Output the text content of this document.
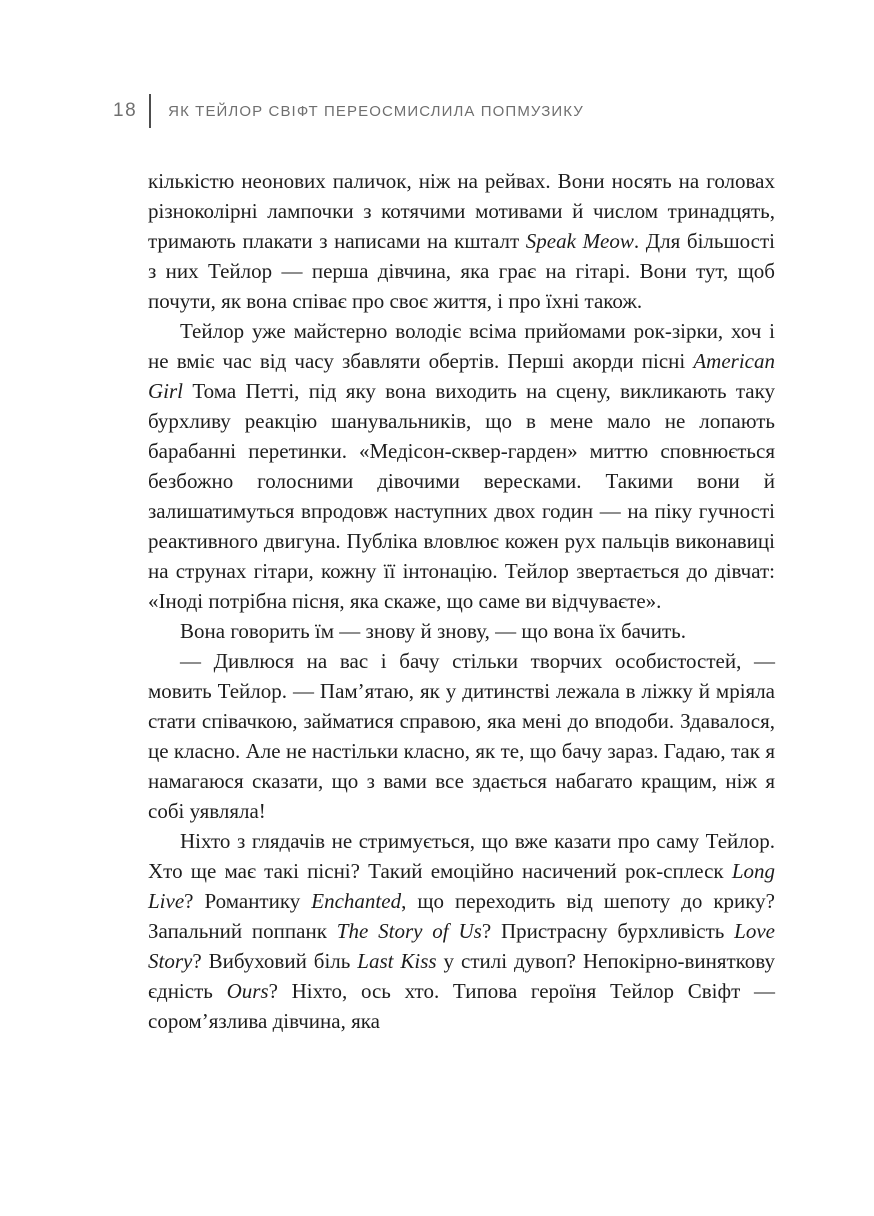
18 ЯК ТЕЙЛОР СВІФТ ПЕРЕОСМИСЛИЛА ПОПМУЗИКУ

кількістю неонових паличок, ніж на рейвах. Вони носять на головах різноколірні лампочки з котячими мотивами й числом тринадцять, тримають плакати з написами на кшталт Speak Meow. Для більшості з них Тейлор — перша дівчина, яка грає на гітарі. Вони тут, щоб почути, як вона співає про своє життя, і про їхні також.

Тейлор уже майстерно володіє всіма прийомами рок-зірки, хоч і не вміє час від часу збавляти обертів. Перші акорди пісні American Girl Тома Петті, під яку вона виходить на сцену, викликають таку бурхливу реакцію шанувальників, що в мене мало не лопають барабанні перетинки. «Медісон-сквер-гарден» миттю сповнюється безбожно голосними дівочими вересками. Такими вони й залишатимуться впродовж наступних двох годин — на піку гучності реактивного двигуна. Публіка вловлює кожен рух пальців виконавиці на струнах гітари, кожну її інтонацію. Тейлор звертається до дівчат: «Іноді потрібна пісня, яка скаже, що саме ви відчуваєте».

Вона говорить їм — знову й знову, — що вона їх бачить.

— Дивлюся на вас і бачу стільки творчих особистостей, — мовить Тейлор. — Пам’ятаю, як у дитинстві лежала в ліжку й мріяла стати співачкою, займатися справою, яка мені до вподоби. Здавалося, це класно. Але не настільки класно, як те, що бачу зараз. Гадаю, так я намагаюся сказати, що з вами все здається набагато кращим, ніж я собі уявляла!

Ніхто з глядачів не стримується, що вже казати про саму Тейлор. Хто ще має такі пісні? Такий емоційно насичений рок-сплеск Long Live? Романтику Enchanted, що переходить від шепоту до крику? Запальний поппанк The Story of Us? Пристрасну бурхливість Love Story? Вибуховий біль Last Kiss у стилі дувоп? Непокірно-виняткову єдність Ours? Ніхто, ось хто. Типова героїня Тейлор Свіфт — сором’язлива дівчина, яка
